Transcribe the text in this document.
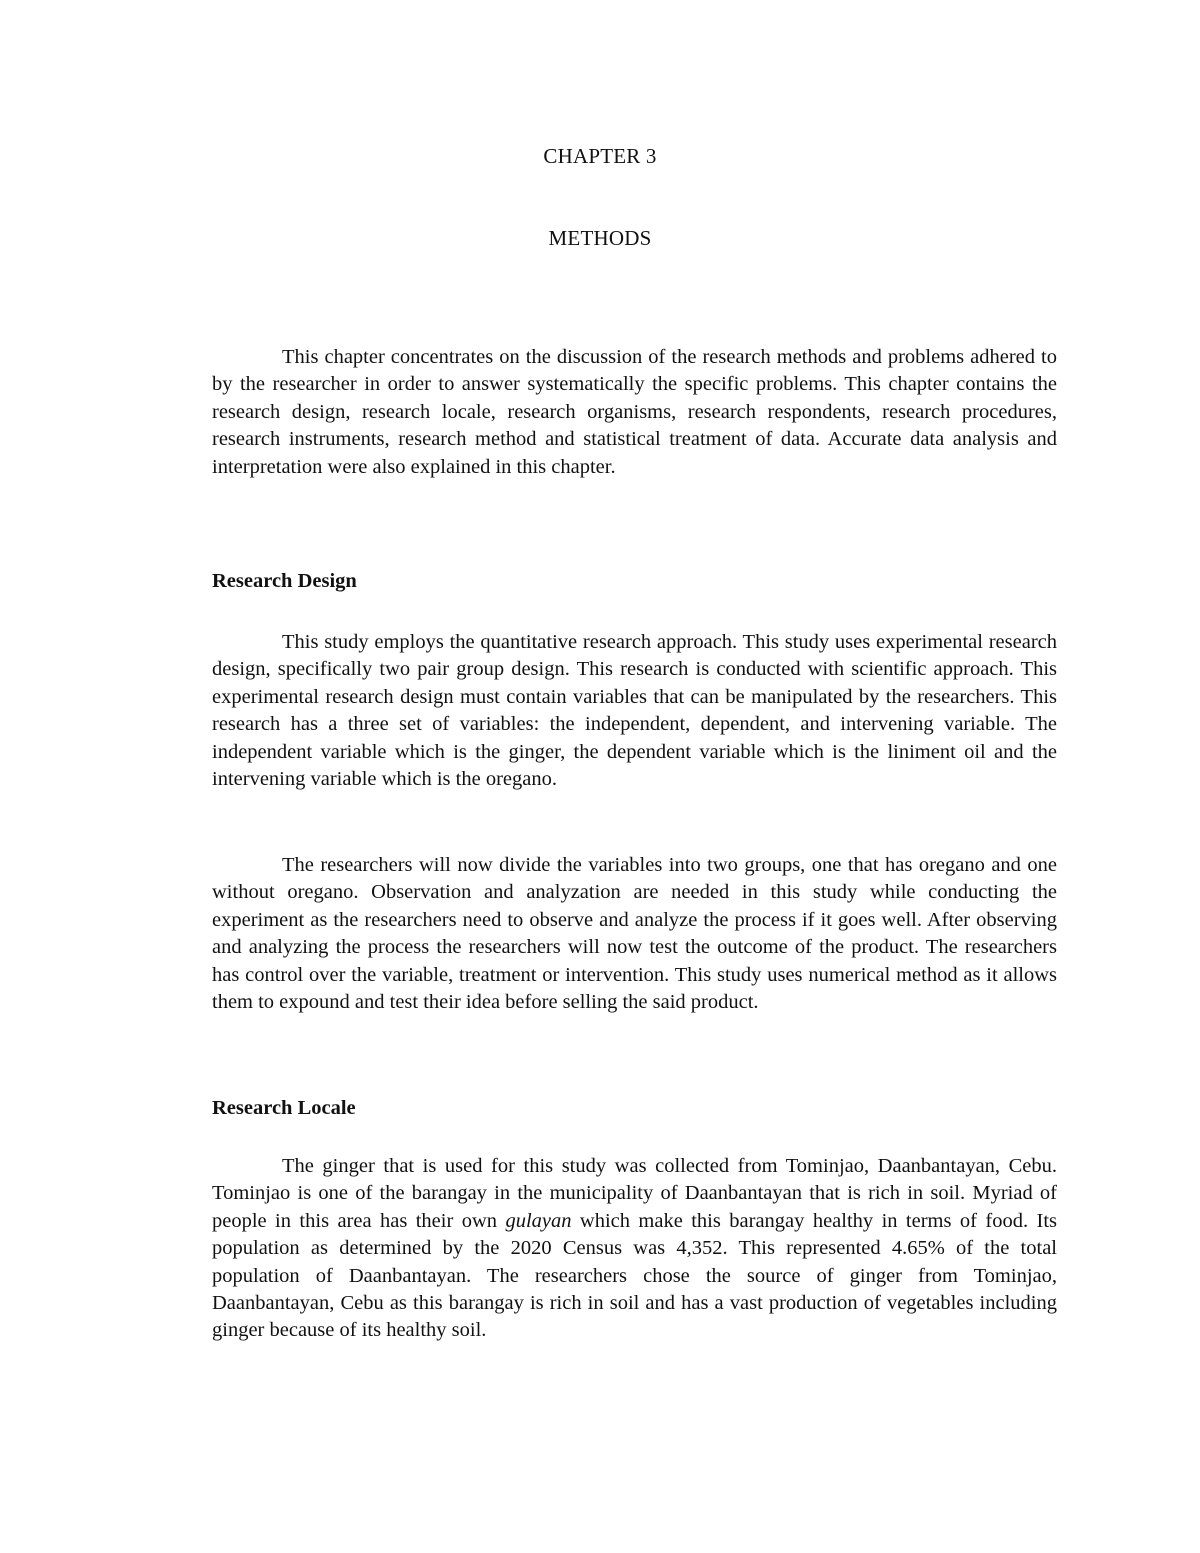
CHAPTER 3
METHODS

This chapter concentrates on the discussion of the research methods and problems adhered to by the researcher in order to answer systematically the specific problems. This chapter contains the research design, research locale, research organisms, research respondents, research procedures, research instruments, research method and statistical treatment of data. Accurate data analysis and interpretation were also explained in this chapter.

Research Design

This study employs the quantitative research approach. This study uses experimental research design, specifically two pair group design. This research is conducted with scientific approach. This experimental research design must contain variables that can be manipulated by the researchers. This research has a three set of variables: the independent, dependent, and intervening variable. The independent variable which is the ginger, the dependent variable which is the liniment oil and the intervening variable which is the oregano.

The researchers will now divide the variables into two groups, one that has oregano and one without oregano. Observation and analyzation are needed in this study while conducting the experiment as the researchers need to observe and analyze the process if it goes well. After observing and analyzing the process the researchers will now test the outcome of the product. The researchers has control over the variable, treatment or intervention. This study uses numerical method as it allows them to expound and test their idea before selling the said product.

Research Locale

The ginger that is used for this study was collected from Tominjao, Daanbantayan, Cebu. Tominjao is one of the barangay in the municipality of Daanbantayan that is rich in soil. Myriad of people in this area has their own gulayan which make this barangay healthy in terms of food. Its population as determined by the 2020 Census was 4,352. This represented 4.65% of the total population of Daanbantayan. The researchers chose the source of ginger from Tominjao, Daanbantayan, Cebu as this barangay is rich in soil and has a vast production of vegetables including ginger because of its healthy soil.
